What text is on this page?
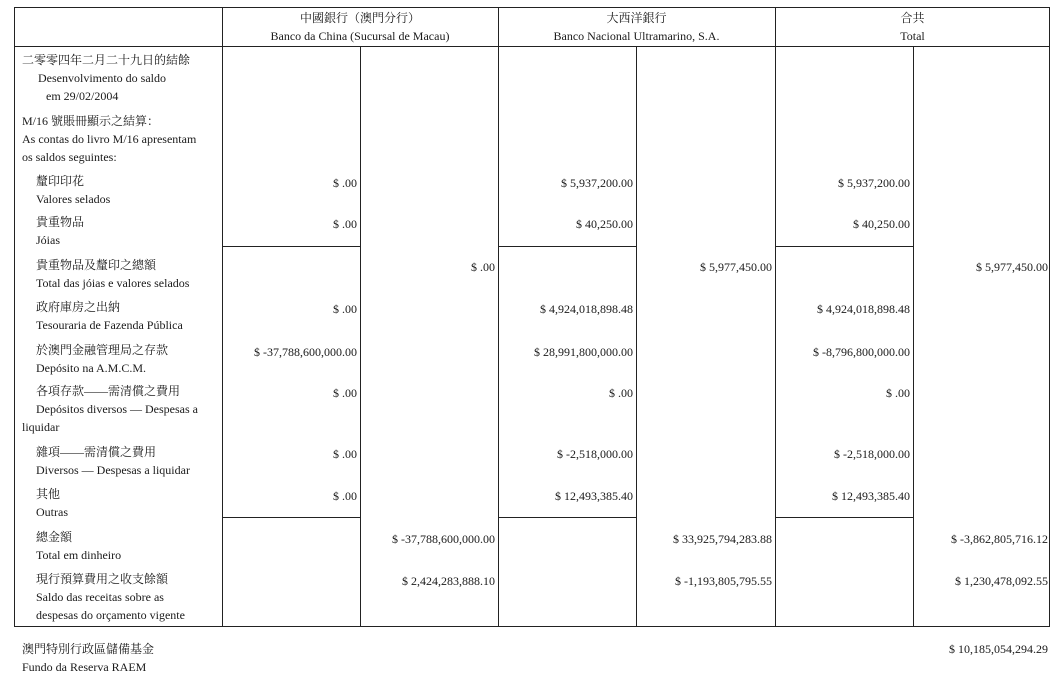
中國銀行（澳門分行）
Banco da China (Sucursal de Macau)
大西洋銀行
Banco Nacional Ultramarino, S.A.
合共
Total
二零零四年二月二十九日的結餘
Desenvolvimento do saldo
em 29/02/2004
M/16 號賬冊顯示之結算：
As contas do livro M/16 apresentam
os saldos seguintes:
釐印印花
Valores selados
$ .00	$ 5,937,200.00	$ 5,937,200.00
貴重物品
Jóias
$ .00	$ 40,250.00	$ 40,250.00
貴重物品及釐印之總額
Total das jóias e valores selados
$ .00	$ 5,977,450.00	$ 5,977,450.00
政府庫房之出納
Tesouraria de Fazenda Pública
$ .00	$ 4,924,018,898.48	$ 4,924,018,898.48
於澳門金融管理局之存款
Depósito na A.M.C.M.
$ -37,788,600,000.00	$ 28,991,800,000.00	$ -8,796,800,000.00
各項存款——需清償之費用
Depósitos diversos — Despesas a
liquidar
$ .00	$ .00	$ .00
雜項——需清償之費用
Diversos — Despesas a liquidar
$ .00	$ -2,518,000.00	$ -2,518,000.00
其他
Outras
$ .00	$ 12,493,385.40	$ 12,493,385.40
總金額
Total em dinheiro
$ -37,788,600,000.00	$ 33,925,794,283.88	$ -3,862,805,716.12
現行預算費用之收支餘額
Saldo das receitas sobre as
despesas do orçamento vigente
$ 2,424,283,888.10	$ -1,193,805,795.55	$ 1,230,478,092.55
澳門特別行政區儲備基金
Fundo da Reserva RAEM
$ 10,185,054,294.29
